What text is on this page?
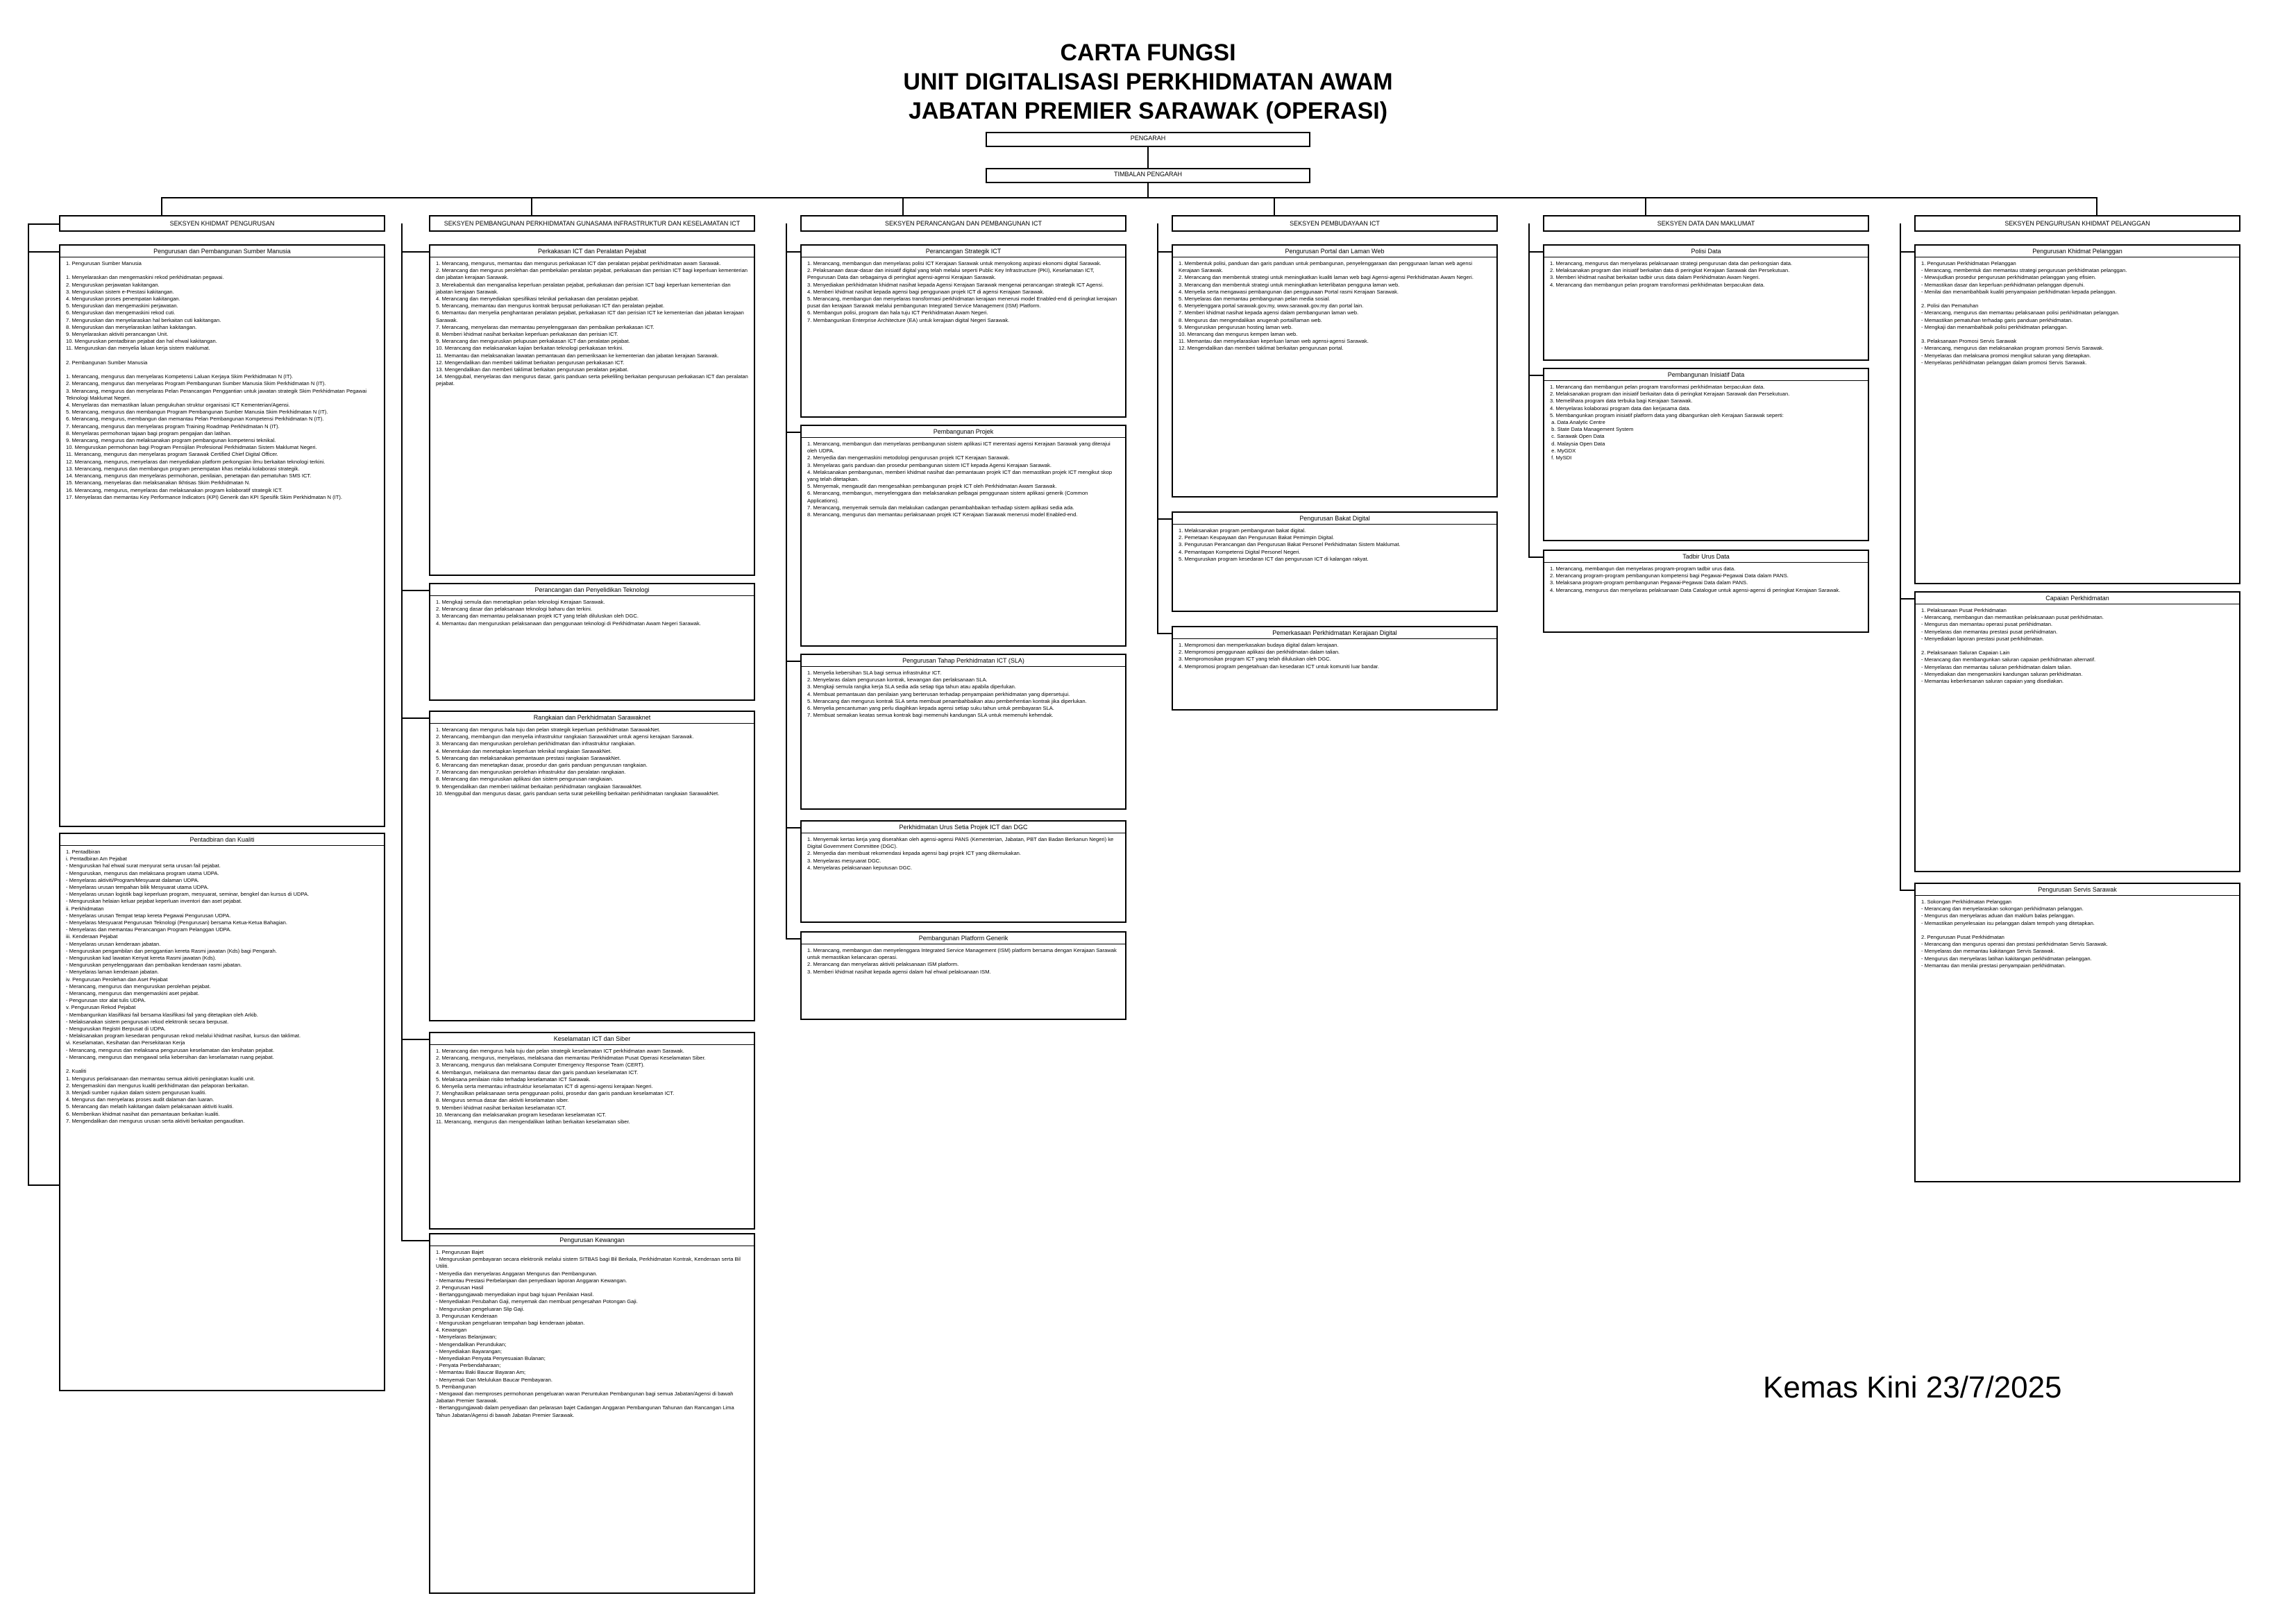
CARTA FUNGSI
UNIT DIGITALISASI PERKHIDMATAN AWAM
JABATAN PREMIER SARAWAK (OPERASI)
PENGARAH
TIMBALAN PENGARAH
SEKSYEN KHIDMAT PENGURUSAN	SEKSYEN PEMBANGUNAN PERKHIDMATAN GUNASAMA INFRASTRUKTUR DAN KESELAMATAN ICT	SEKSYEN PERANCANGAN DAN PEMBANGUNAN ICT	SEKSYEN PEMBUDAYAAN ICT	SEKSYEN DATA DAN MAKLUMAT	SEKSYEN PENGURUSAN KHIDMAT PELANGGAN
Pengurusan dan Pembangunan Sumber Manusia
1. Pengurusan Sumber Manusia

1. Menyelaraskan dan mengemaskini rekod perkhidmatan pegawai.
2. Menguruskan perjawatan kakitangan.
3. Menguruskan sistem e-Prestasi kakitangan.
4. Menguruskan proses penempatan kakitangan.
5. Menguruskan dan mengemaskini perjawatan.
6. Menguruskan dan mengemaskini rekod cuti.
7. Menguruskan dan menyelaraskan hal berkaitan cuti kakitangan.
8. Menguruskan dan menyelaraskan latihan kakitangan.
9. Menyelaraskan aktiviti perancangan Unit.
10. Menguruskan pentadbiran pejabat dan hal ehwal kakitangan.
11. Menguruskan dan menyelia laluan kerja sistem maklumat.

2. Pembangunan Sumber Manusia

1. Merancang, mengurus dan menyelaras Kompetensi Laluan Kerjaya Skim Perkhidmatan N (IT).
2. Merancang, mengurus dan menyelaras Program Pembangunan Sumber Manusia Skim Perkhidmatan N (IT).
3. Merancang, mengurus dan menyelaras Pelan Perancangan Penggantian untuk jawatan strategik Skim Perkhidmatan Pegawai Teknologi Maklumat Negeri.
4. Menyelaras dan memastikan laluan pengukuhan struktur organisasi ICT Kementerian/Agensi.
5. Merancang, mengurus dan membangun Program Pembangunan Sumber Manusia Skim Perkhidmatan N (IT).
6. Merancang, mengurus, membangun dan memantau Pelan Pembangunan Kompetensi Perkhidmatan N (IT).
7. Merancang, mengurus dan menyelaras program Training Roadmap Perkhidmatan N (IT).
8. Menyelaras permohonan tajaan bagi program pengajian dan latihan.
9. Merancang, mengurus dan melaksanakan program pembangunan kompetensi teknikal.
10. Menguruskan permohonan bagi Program Pensijilan Profesional Perkhidmatan Sistem Maklumat Negeri.
11. Merancang, mengurus dan menyelaras program Sarawak Certified Chief Digital Officer.
12. Merancang, mengurus, menyelaras dan menyediakan platform perkongsian ilmu berkaitan teknologi terkini.
13. Merancang, mengurus dan membangun program penempatan khas melalui kolaborasi strategik.
14. Merancang, mengurus dan menyelaras permohonan, penilaian, penetapan dan pematuhan SMS ICT.
15. Merancang, menyelaras dan melaksanakan Ikhtisas Skim Perkhidmatan N.
16. Merancang, mengurus, menyelaras dan melaksanakan program kolaboratif strategik ICT.
17. Menyelaras dan memantau Key Performance Indicators (KPI) Generik dan KPI Spesifik Skim Perkhidmatan N (IT).
Pentadbiran dan Kualiti
1. Pentadbiran
i. Pentadbiran Am Pejabat
- Menguruskan hal ehwal surat menyurat serta urusan fail pejabat.
- Menguruskan, mengurus dan melaksana program utama UDPA.
- Menyelaras aktiviti/Program/Mesyuarat dalaman UDPA.
- Menyelaras urusan tempahan bilik Mesyuarat utama UDPA.
- Menyelaras urusan logistik bagi keperluan program, mesyuarat, seminar, bengkel dan kursus di UDPA.
- Menguruskan helaian keluar pejabat keperluan inventori dan aset pejabat.
ii. Perkhidmatan
- Menyelaras urusan Tempat tetap kereta Pegawai Pengurusan UDPA.
- Menyelaras Mesyuarat Pengurusan Teknologi (Pengurusan) bersama Ketua-Ketua Bahagian.
- Menyelaras dan memantau Perancangan Program Pelanggan UDPA.
iii. Kenderaan Pejabat
- Menyelaras urusan kenderaan jabatan.
- Menguruskan pengambilan dan penggantian kereta Rasmi jawatan (Kds) bagi Pengarah.
- Menguruskan kad lawatan Kenyat kereta Rasmi jawatan (Kds).
- Menguruskan penyelenggaraan dan pembaikan kenderaan rasmi jabatan.
- Menyelaras laman kenderaan jabatan.
iv. Pengurusan Perolehan dan Aset Pejabat
- Merancang, mengurus dan menguruskan perolehan pejabat.
- Merancang, mengurus dan mengemaskini aset pejabat.
- Pengurusan stor alat tulis UDPA.
v. Pengurusan Rekod Pejabat
- Membangunkan klasifikasi fail bersama klasifikasi fail yang ditetapkan oleh Arkib.
- Melaksanakan sistem pengurusan rekod elektronik secara berpusat.
- Menguruskan Registri Berpusat di UDPA.
- Melaksanakan program kesedaran pengurusan rekod melalui khidmat nasihat, kursus dan taklimat.
vi. Keselamatan, Kesihatan dan Persekitaran Kerja
- Merancang, mengurus dan melaksana pengurusan keselamatan dan kesihatan pejabat.
- Merancang, mengurus dan mengawal selia kebersihan dan keselamatan ruang pejabat.

2. Kualiti
1. Mengurus perlaksanaan dan memantau semua aktiviti peningkatan kualiti unit.
2. Mengemaskini dan mengurus kualiti perkhidmatan dan pelaporan berkaitan.
3. Menjadi sumber rujukan dalam sistem pengurusan kualiti.
4. Mengurus dan menyelaras proses audit dalaman dan luaran.
5. Merancang dan melatih kakitangan dalam pelaksanaan aktiviti kualiti.
6. Memberikan khidmat nasihat dan pemantauan berkaitan kualiti.
7. Mengendalikan dan mengurus urusan serta aktiviti berkaitan pengauditan.
Perkakasan ICT dan Peralatan Pejabat
1. Merancang, mengurus, memantau dan mengurus perkakasan ICT dan peralatan pejabat perkhidmatan awam Sarawak.
2. Merancang dan mengurus perolehan dan pembekalan peralatan pejabat, perkakasan dan perisian ICT bagi keperluan kementerian dan jabatan kerajaan Sarawak.
3. Merekabentuk dan menganalisa keperluan peralatan pejabat, perkakasan dan perisian ICT bagi keperluan kementerian dan jabatan kerajaan Sarawak.
4. Merancang dan menyediakan spesifikasi teknikal perkakasan dan peralatan pejabat.
5. Merancang, memantau dan mengurus kontrak berpusat perkakasan ICT dan peralatan pejabat.
6. Memantau dan menyelia penghantaran peralatan pejabat, perkakasan ICT dan perisian ICT ke kementerian dan jabatan kerajaan Sarawak.
7. Merancang, menyelaras dan memantau penyelenggaraan dan pembaikan perkakasan ICT.
8. Memberi khidmat nasihat berkaitan keperluan perkakasan dan perisian ICT.
9. Merancang dan menguruskan pelupusan perkakasan ICT dan peralatan pejabat.
10. Merancang dan melaksanakan kajian berkaitan teknologi perkakasan terkini.
11. Memantau dan melaksanakan lawatan pemantauan dan pemeriksaan ke kementerian dan jabatan kerajaan Sarawak.
12. Mengendalikan dan memberi taklimat berkaitan pengurusan perkakasan ICT.
13. Mengendalikan dan memberi taklimat berkaitan pengurusan peralatan pejabat.
14. Menggubal, menyelaras dan mengurus dasar, garis panduan serta pekeliling berkaitan pengurusan perkakasan ICT dan peralatan pejabat.
Perancangan dan Penyelidikan Teknologi
1. Mengkaji semula dan menetapkan pelan teknologi Kerajaan Sarawak.
2. Merancang dasar dan pelaksanaan teknologi baharu dan terkini.
3. Merancang dan memantau pelaksanaan projek ICT yang telah diluluskan oleh DGC.
4. Memantau dan menguruskan pelaksanaan dan penggunaan teknologi di Perkhidmatan Awam Negeri Sarawak.
Rangkaian dan Perkhidmatan Sarawaknet
1. Merancang dan mengurus hala tuju dan pelan strategik keperluan perkhidmatan SarawakNet.
2. Merancang, membangun dan menyelia infrastruktur rangkaian SarawakNet untuk agensi kerajaan Sarawak.
3. Merancang dan menguruskan perolehan perkhidmatan dan infrastruktur rangkaian.
4. Menentukan dan menetapkan keperluan teknikal rangkaian SarawakNet.
5. Merancang dan melaksanakan pemantauan prestasi rangkaian SarawakNet.
6. Merancang dan menetapkan dasar, prosedur dan garis panduan pengurusan rangkaian.
7. Merancang dan menguruskan perolehan infrastruktur dan peralatan rangkaian.
8. Merancang dan menguruskan aplikasi dan sistem pengurusan rangkaian.
9. Mengendalikan dan memberi taklimat berkaitan perkhidmatan rangkaian SarawakNet.
10. Menggubal dan mengurus dasar, garis panduan serta surat pekeliling berkaitan perkhidmatan rangkaian SarawakNet.
Keselamatan ICT dan Siber
1. Merancang dan mengurus hala tuju dan pelan strategik keselamatan ICT perkhidmatan awam Sarawak.
2. Merancang, mengurus, menyelaras, melaksana dan memantau Perkhidmatan Pusat Operasi Keselamatan Siber.
3. Merancang, mengurus dan melaksana Computer Emergency Response Team (CERT).
4. Membangun, melaksana dan memantau dasar dan garis panduan keselamatan ICT.
5. Melaksana penilaian risiko terhadap keselamatan ICT Sarawak.
6. Menyelia serta memantau infrastruktur keselamatan ICT di agensi-agensi kerajaan Negeri.
7. Menghasilkan pelaksanaan serta penggunaan polisi, prosedur dan garis panduan keselamatan ICT.
8. Mengurus semua dasar dan aktiviti keselamatan siber.
9. Memberi khidmat nasihat berkaitan keselamatan ICT.
10. Merancang dan melaksanakan program kesedaran keselamatan ICT.
11. Merancang, mengurus dan mengendalikan latihan berkaitan keselamatan siber.
Pengurusan Kewangan
1. Pengurusan Bajet
- Menguruskan pembayaran secara elektronik melalui sistem SITBAS bagi Bil Berkala, Perkhidmatan Kontrak, Kenderaan serta Bil Utiliti.
- Menyedia dan menyelaras Anggaran Mengurus dan Pembangunan.
- Memantau Prestasi Perbelanjaan dan penyediaan laporan Anggaran Kewangan.
2. Pengurusan Hasil
- Bertanggungjawab menyediakan input bagi tujuan Penilaian Hasil.
- Menyediakan Perubahan Gaji, menyemak dan membuat pengesahan Potongan Gaji.
- Menguruskan pengeluaran Slip Gaji.
3. Pengurusan Kenderaan
- Menguruskan pengeluaran tempahan bagi kenderaan jabatan.
4. Kewangan
- Menyelaras Belanjawan;
- Mengendalikan Perundukan;
- Menyediakan Bayarangan;
- Menyediakan Penyata Penyesuaian Bulanan;
- Penyata Perbendaharaan;
- Memantau Baki Baucar Bayaran Am;
- Menyemak Dan Melulukan Baucar Pembayaran.
5. Pembangunan
- Mengawal dan memproses permohonan pengeluaran waran Peruntukan Pembangunan bagi semua Jabatan/Agensi di bawah Jabatan Premier Sarawak.
- Bertanggungjawab dalam penyediaan dan pelarasan bajet Cadangan Anggaran Pembangunan Tahunan dan Rancangan Lima Tahun Jabatan/Agensi di bawah Jabatan Premier Sarawak.
Perancangan Strategik ICT
1. Merancang, membangun dan menyelaras polisi ICT Kerajaan Sarawak untuk menyokong aspirasi ekonomi digital Sarawak.
2. Pelaksanaan dasar-dasar dan inisiatif digital yang telah melalui seperti Public Key Infrastructure (PKI), Keselamatan ICT, Pengurusan Data dan sebagainya di peringkat agensi-agensi Kerajaan Sarawak.
3. Menyediakan perkhidmatan khidmat nasihat kepada Agensi Kerajaan Sarawak mengenai perancangan strategik ICT Agensi.
4. Memberi khidmat nasihat kepada agensi bagi penggunaan projek ICT di agensi Kerajaan Sarawak.
5. Merancang, membangun dan menyelaras transformasi perkhidmatan kerajaan menerusi model Enabled-end di peringkat kerajaan pusat dan kerajaan Sarawak melalui pembangunan Integrated Service Management (ISM) Platform.
6. Membangun polisi, program dan hala tuju ICT Perkhidmatan Awam Negeri.
7. Membangunkan Enterprise Architecture (EA) untuk kerajaan digital Negeri Sarawak.
Pembangunan Projek
1. Merancang, membangun dan menyelaras pembangunan sistem aplikasi ICT merentasi agensi Kerajaan Sarawak yang diterajui oleh UDPA.
2. Menyedia dan mengemaskini metodologi pengurusan projek ICT Kerajaan Sarawak.
3. Menyelaras garis panduan dan prosedur pembangunan sistem ICT kepada Agensi Kerajaan Sarawak.
4. Melaksanakan pembangunan, memberi khidmat nasihat dan pemantauan projek ICT dan memastikan projek ICT mengikut skop yang telah ditetapkan.
5. Menyemak, mengaudit dan mengesahkan pembangunan projek ICT oleh Perkhidmatan Awam Sarawak.
6. Merancang, membangun, menyelenggara dan melaksanakan pelbagai penggunaan sistem aplikasi generik (Common Applications).
7. Merancang, menyemak semula dan melakukan cadangan penambahbaikan terhadap sistem aplikasi sedia ada.
8. Merancang, mengurus dan memantau perlaksanaan projek ICT Kerajaan Sarawak menerusi model Enabled-end.
Pengurusan Tahap Perkhidmatan ICT (SLA)
1. Menyelia kebersihan SLA bagi semua infrastruktur ICT.
2. Menyelaras dalam pengurusan kontrak, kewangan dan perlaksanaan SLA.
3. Mengkaji semula rangka kerja SLA sedia ada setiap tiga tahun atau apabila diperlukan.
4. Membuat pemantauan dan penilaian yang berterusan terhadap penyampaian perkhidmatan yang dipersetujui.
5. Merancang dan mengurus kontrak SLA serta membuat penambahbaikan atau pemberhentian kontrak jika diperlukan.
6. Menyelia pencantuman yang perlu diagihkan kepada agensi setiap suku tahun untuk pembayaran SLA.
7. Membuat semakan keatas semua kontrak bagi memenuhi kandungan SLA untuk memenuhi kehendak.
Perkhidmatan Urus Setia Projek ICT dan DGC
1. Menyemak kertas kerja yang diserahkan oleh agensi-agensi PANS (Kementerian, Jabatan, PBT dan Badan Berkanun Negeri) ke Digital Government Committee (DGC).
2. Menyedia dan membuat rekomendasi kepada agensi bagi projek ICT yang dikemukakan.
3. Menyelaras mesyuarat DGC.
4. Menyelaras pelaksanaan keputusan DGC.
Pembangunan Platform Generik
1. Merancang, membangun dan menyelenggara Integrated Service Management (ISM) platform bersama dengan Kerajaan Sarawak untuk memastikan kelancaran operasi.
2. Merancang dan menyelaras aktiviti pelaksanaan ISM platform.
3. Memberi khidmat nasihat kepada agensi dalam hal ehwal pelaksanaan ISM.
Pengurusan Portal dan Laman Web
1. Membentuk polisi, panduan dan garis panduan untuk pembangunan, penyelenggaraan dan penggunaan laman web agensi Kerajaan Sarawak.
2. Merancang dan membentuk strategi untuk meningkatkan kualiti laman web bagi Agensi-agensi Perkhidmatan Awam Negeri.
3. Merancang dan membentuk strategi untuk meningkatkan keterlibatan pengguna laman web.
4. Menyelia serta mengawasi pembangunan dan penggunaan Portal rasmi Kerajaan Sarawak.
5. Menyelaras dan memantau pembangunan pelan media sosial.
6. Menyelenggara portal sarawak.gov.my, www.sarawak.gov.my dan portal lain.
7. Memberi khidmat nasihat kepada agensi dalam pembangunan laman web.
8. Mengurus dan mengendalikan anugerah portal/laman web.
9. Menguruskan pengurusan hosting laman web.
10. Merancang dan mengurus kempen laman web.
11. Memantau dan menyelaraskan keperluan laman web agensi-agensi Sarawak.
12. Mengendalikan dan memberi taklimat berkaitan pengurusan portal.
Pengurusan Bakat Digital
1. Melaksanakan program pembangunan bakat digital.
2. Pemetaan Keupayaan dan Pengurusan Bakat Pemimpin Digital.
3. Pengurusan Perancangan dan Pengurusan Bakat Personel Perkhidmatan Sistem Maklumat.
4. Pemantapan Kompetensi Digital Personel Negeri.
5. Menguruskan program kesedaran ICT dan pengurusan ICT di kalangan rakyat.
Pemerkasaan Perkhidmatan Kerajaan Digital
1. Mempromosi dan memperkasakan budaya digital dalam kerajaan.
2. Mempromosi penggunaan aplikasi dan perkhidmatan dalam talian.
3. Mempromosikan program ICT yang telah diluluskan oleh DGC.
4. Mempromosi program pengetahuan dan kesedaran ICT untuk komuniti luar bandar.
Polisi Data
1. Merancang, mengurus dan menyelaras pelaksanaan strategi pengurusan data dan perkongsian data.
2. Melaksanakan program dan inisiatif berkaitan data di peringkat Kerajaan Sarawak dan Persekutuan.
3. Memberi khidmat nasihat berkaitan tadbir urus data dalam Perkhidmatan Awam Negeri.
4. Merancang dan membangun pelan program transformasi perkhidmatan berpacukan data.
Pembangunan Inisiatif Data
1. Merancang dan membangun pelan program transformasi perkhidmatan berpacukan data.
2. Melaksanakan program dan inisiatif berkaitan data di peringkat Kerajaan Sarawak dan Persekutuan.
3. Memelihara program data terbuka bagi Kerajaan Sarawak.
4. Menyelaras kolaborasi program data dan kerjasama data.
5. Membangunkan program inisiatif platform data yang dibangunkan oleh Kerajaan Sarawak seperti:
a. Data Analytic Centre
b. State Data Management System
c. Sarawak Open Data
d. Malaysia Open Data
e. MyGDX
f. MySDI
Tadbir Urus Data
1. Merancang, membangun dan menyelaras program-program tadbir urus data.
2. Merancang program-program pembangunan kompetensi bagi Pegawai-Pegawai Data dalam PANS.
3. Melaksana program-program pembangunan Pegawai-Pegawai Data dalam PANS.
4. Merancang, mengurus dan menyelaras pelaksanaan Data Catalogue untuk agensi-agensi di peringkat Kerajaan Sarawak.
Pengurusan Khidmat Pelanggan
1. Pengurusan Perkhidmatan Pelanggan
- Merancang, membentuk dan memantau strategi pengurusan perkhidmatan pelanggan.
- Mewujudkan prosedur pengurusan perkhidmatan pelanggan yang efisien.
- Memastikan dasar dan keperluan perkhidmatan pelanggan dipenuhi.
- Menilai dan menambahbaik kualiti penyampaian perkhidmatan kepada pelanggan.

2. Polisi dan Pematuhan
- Merancang, mengurus dan memantau pelaksanaan polisi perkhidmatan pelanggan.
- Memastikan pematuhan terhadap garis panduan perkhidmatan.
- Mengkaji dan menambahbaik polisi perkhidmatan pelanggan.

3. Pelaksanaan Promosi Servis Sarawak
- Merancang, mengurus dan melaksanakan program promosi Servis Sarawak.
- Menyelaras dan melaksana promosi mengikut saluran yang ditetapkan.
- Menyelaras perkhidmatan pelanggan dalam promosi Servis Sarawak.
Capaian Perkhidmatan
1. Pelaksanaan Pusat Perkhidmatan
- Merancang, membangun dan memastikan pelaksanaan pusat perkhidmatan.
- Mengurus dan memantau operasi pusat perkhidmatan.
- Menyelaras dan memantau prestasi pusat perkhidmatan.
- Menyediakan laporan prestasi pusat perkhidmatan.

2. Pelaksanaan Saluran Capaian Lain
- Merancang dan membangunkan saluran capaian perkhidmatan alternatif.
- Menyelaras dan memantau saluran perkhidmatan dalam talian.
- Menyediakan dan mengemaskini kandungan saluran perkhidmatan.
- Memantau keberkesanan saluran capaian yang disediakan.
Pengurusan Servis Sarawak
1. Sokongan Perkhidmatan Pelanggan
- Merancang dan menyelaraskan sokongan perkhidmatan pelanggan.
- Mengurus dan menyelaras aduan dan maklum balas pelanggan.
- Memastikan penyelesaian isu pelanggan dalam tempoh yang ditetapkan.

2. Pengurusan Pusat Perkhidmatan
- Merancang dan mengurus operasi dan prestasi perkhidmatan Servis Sarawak.
- Menyelaras dan memantau kakitangan Servis Sarawak.
- Mengurus dan menyelaras latihan kakitangan perkhidmatan pelanggan.
- Memantau dan menilai prestasi penyampaian perkhidmatan.
Kemas Kini 23/7/2025
